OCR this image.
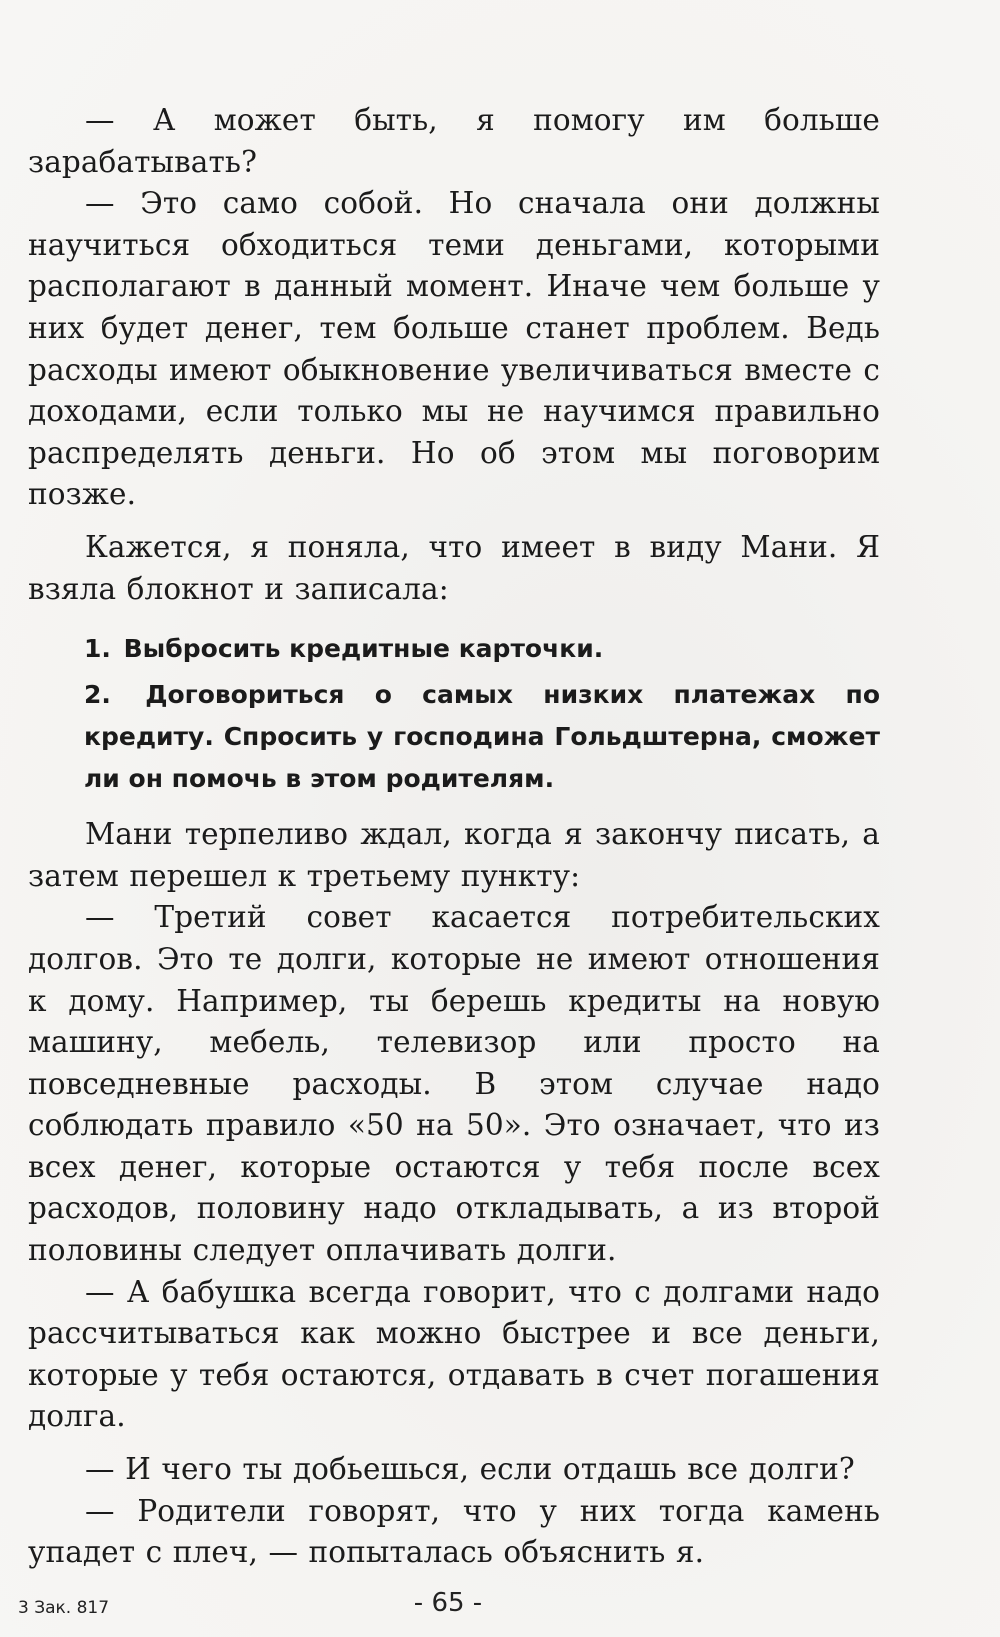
— А может быть, я помогу им больше зарабатывать?

— Это само собой. Но сначала они должны научиться обходиться теми деньгами, которыми располагают в данный момент. Иначе чем больше у них будет денег, тем больше станет проблем. Ведь расходы имеют обыкновение увеличиваться вместе с доходами, если только мы не научимся правильно распределять деньги. Но об этом мы поговорим позже.

Кажется, я поняла, что имеет в виду Мани. Я взяла блокнот и записала:

1. Выбросить кредитные карточки.
2. Договориться о самых низких платежах по кредиту. Спросить у господина Гольдштерна, сможет ли он помочь в этом родителям.

Мани терпеливо ждал, когда я закончу писать, а затем перешел к третьему пункту:

— Третий совет касается потребительских долгов. Это те долги, которые не имеют отношения к дому. Например, ты берешь кредиты на новую машину, мебель, телевизор или просто на повседневные расходы. В этом случае надо соблюдать правило «50 на 50». Это означает, что из всех денег, которые остаются у тебя после всех расходов, половину надо откладывать, а из второй половины следует оплачивать долги.

— А бабушка всегда говорит, что с долгами надо рассчитываться как можно быстрее и все деньги, которые у тебя остаются, отдавать в счет погашения долга.

— И чего ты добьешься, если отдашь все долги?

— Родители говорят, что у них тогда камень упадет с плеч, — попыталась объяснить я.

3 Зак. 817	- 65 -
